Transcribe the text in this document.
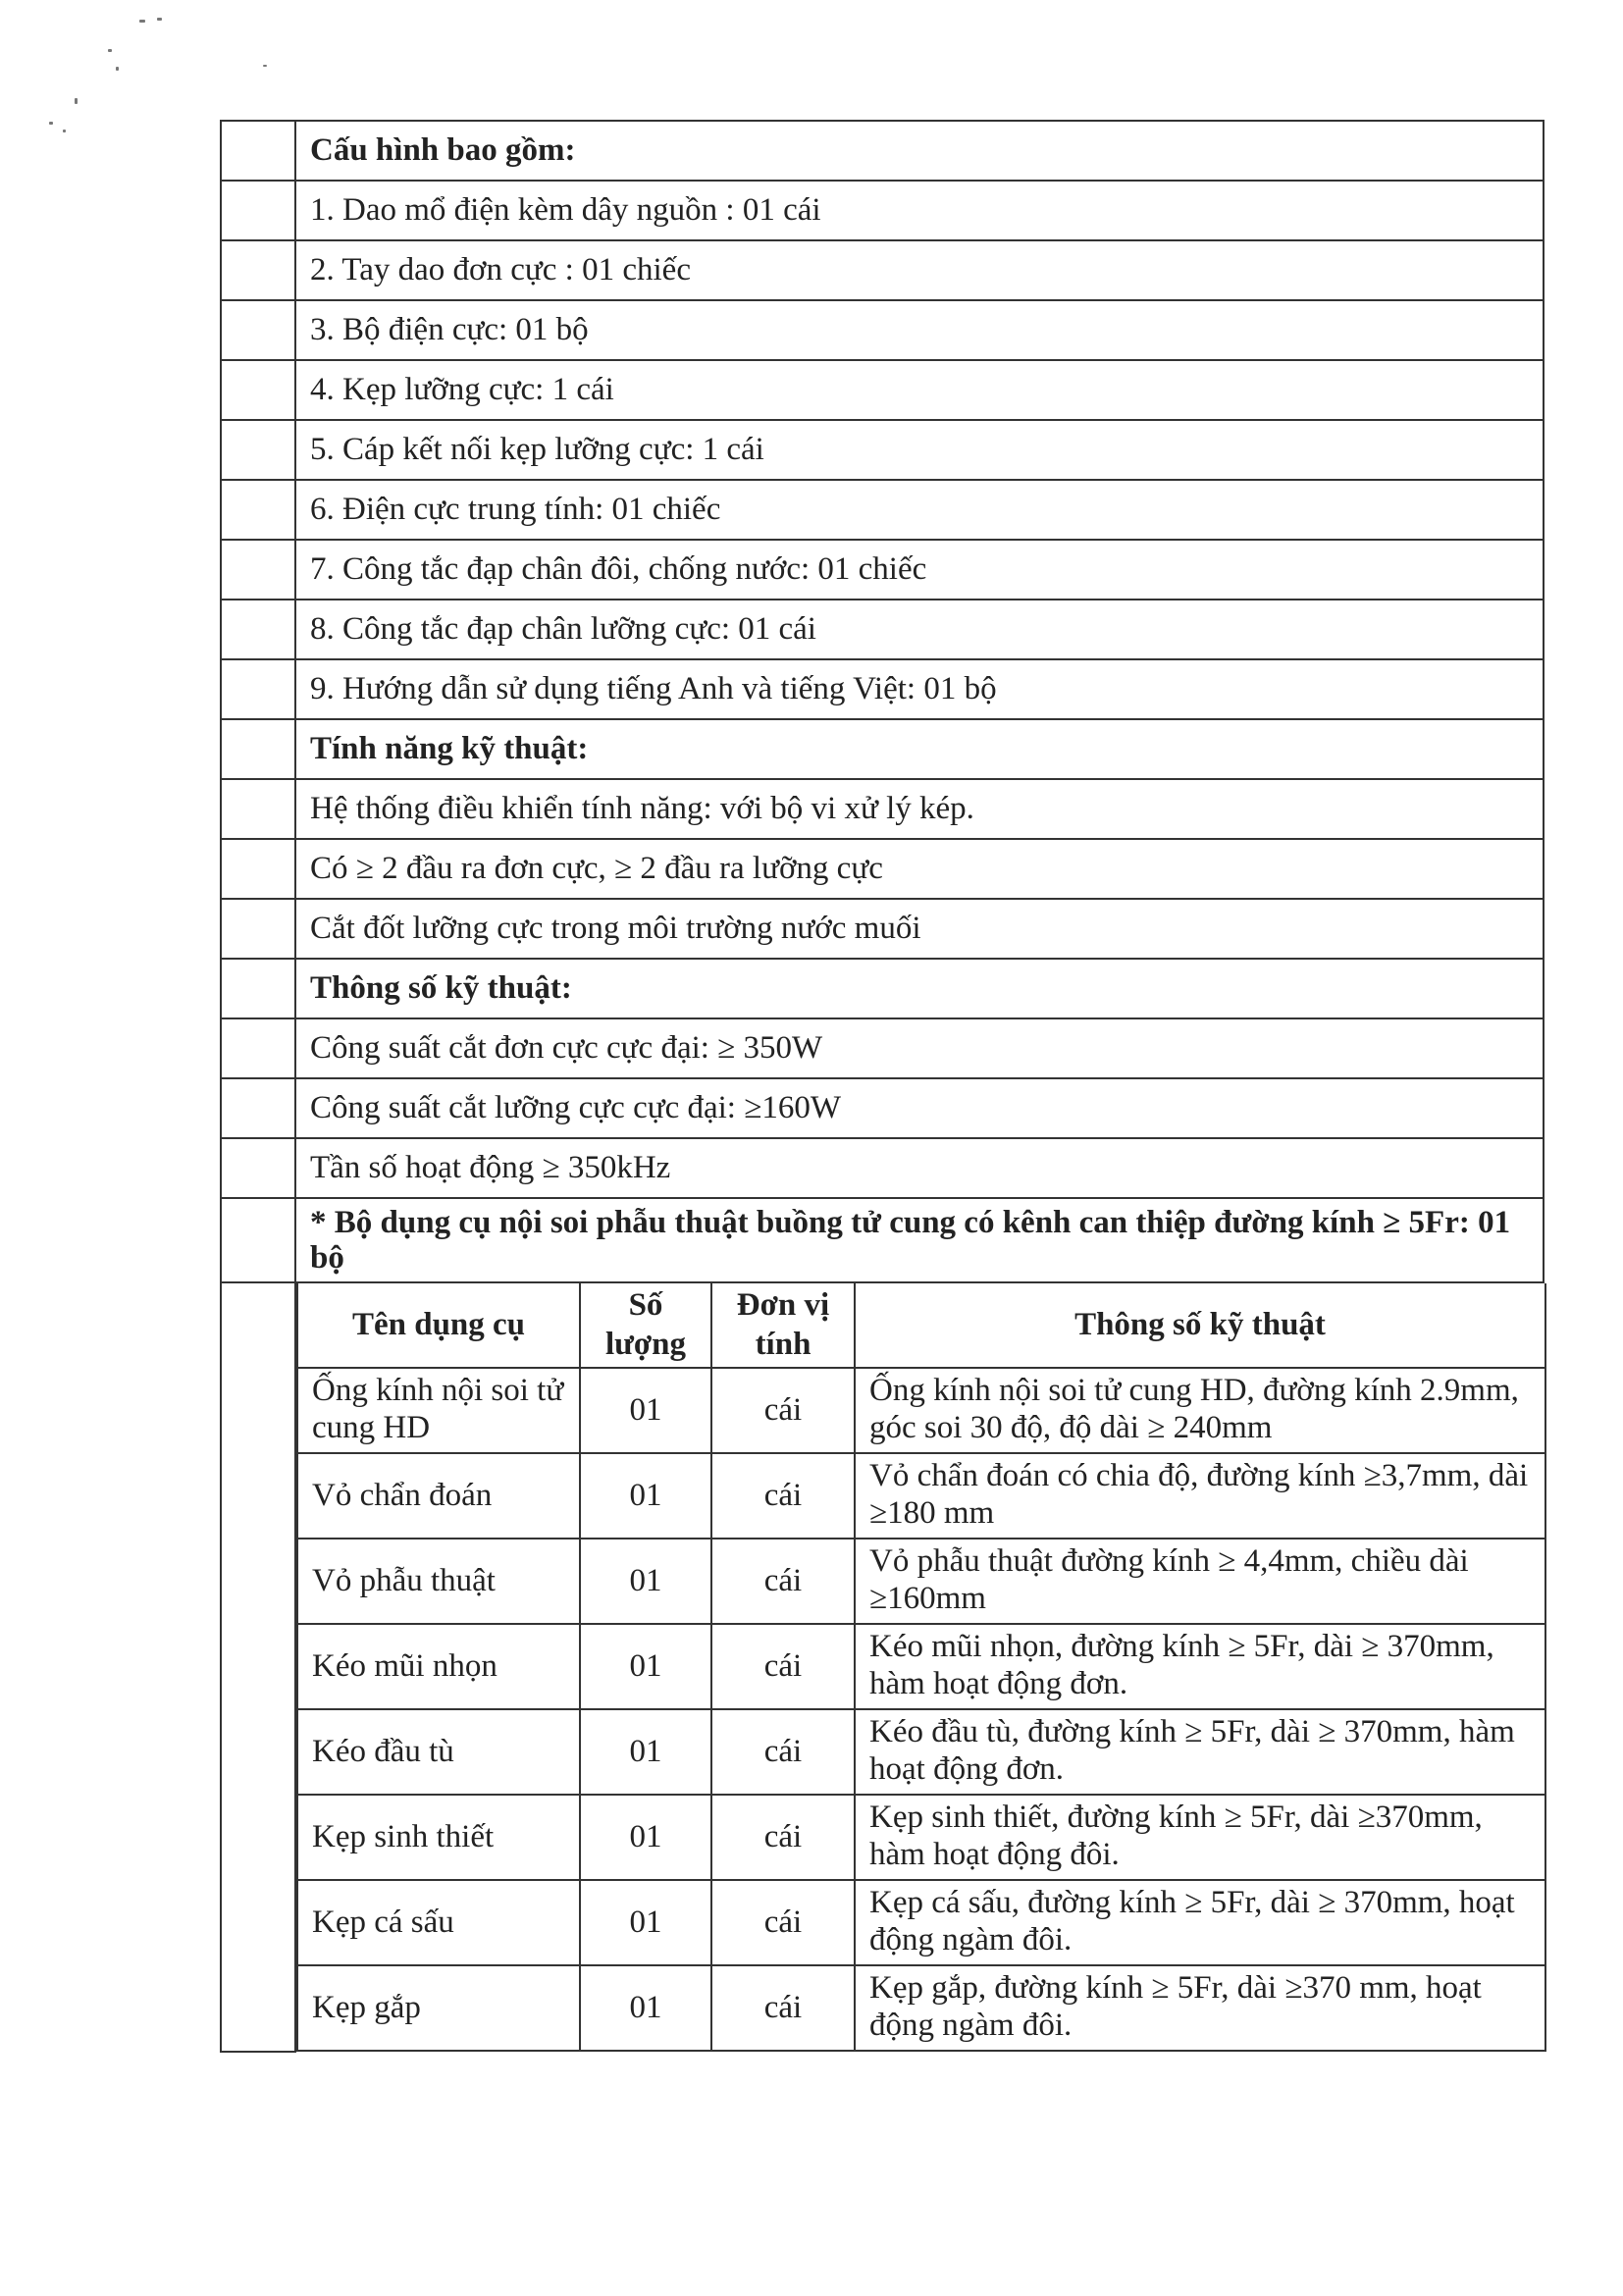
	Cấu hình bao gồm:
	1. Dao mổ điện kèm dây nguồn : 01 cái
	2. Tay dao đơn cực : 01 chiếc
	3. Bộ điện cực: 01 bộ
	4. Kẹp lưỡng cực: 1 cái
	5. Cáp kết nối kẹp lưỡng cực: 1 cái
	6. Điện cực trung tính: 01 chiếc
	7. Công tắc đạp chân đôi, chống nước: 01 chiếc
	8. Công tắc đạp chân lưỡng cực: 01 cái
	9. Hướng dẫn sử dụng tiếng Anh và tiếng Việt: 01 bộ
	Tính năng kỹ thuật:
	Hệ thống điều khiển tính năng: với bộ vi xử lý kép.
	Có ≥ 2 đầu ra đơn cực, ≥ 2 đầu ra lưỡng cực
	Cắt đốt lưỡng cực trong môi trường nước muối
	Thông số kỹ thuật:
	Công suất cắt đơn cực cực đại: ≥ 350W
	Công suất cắt lưỡng cực cực đại: ≥160W
	Tần số hoạt động ≥ 350kHz
	* Bộ dụng cụ nội soi phẫu thuật buồng tử cung có kênh can thiệp đường kính ≥ 5Fr: 01 bộ

Tên dụng cụ	Số lượng	Đơn vị tính	Thông số kỹ thuật
Ống kính nội soi tử cung HD	01	cái	Ống kính nội soi tử cung HD, đường kính 2.9mm, góc soi 30 độ, độ dài ≥ 240mm
Vỏ chẩn đoán	01	cái	Vỏ chẩn đoán có chia độ, đường kính ≥3,7mm, dài ≥180 mm
Vỏ phẫu thuật	01	cái	Vỏ phẫu thuật đường kính ≥ 4,4mm, chiều dài ≥160mm
Kéo mũi nhọn	01	cái	Kéo mũi nhọn, đường kính ≥ 5Fr, dài ≥ 370mm, hàm hoạt động đơn.
Kéo đầu tù	01	cái	Kéo đầu tù, đường kính ≥ 5Fr, dài ≥ 370mm, hàm hoạt động đơn.
Kẹp sinh thiết	01	cái	Kẹp sinh thiết, đường kính ≥ 5Fr, dài ≥370mm, hàm hoạt động đôi.
Kẹp cá sấu	01	cái	Kẹp cá sấu, đường kính ≥ 5Fr, dài ≥ 370mm, hoạt động ngàm đôi.
Kẹp gắp	01	cái	Kẹp gắp, đường kính ≥ 5Fr, dài ≥370 mm, hoạt động ngàm đôi.
